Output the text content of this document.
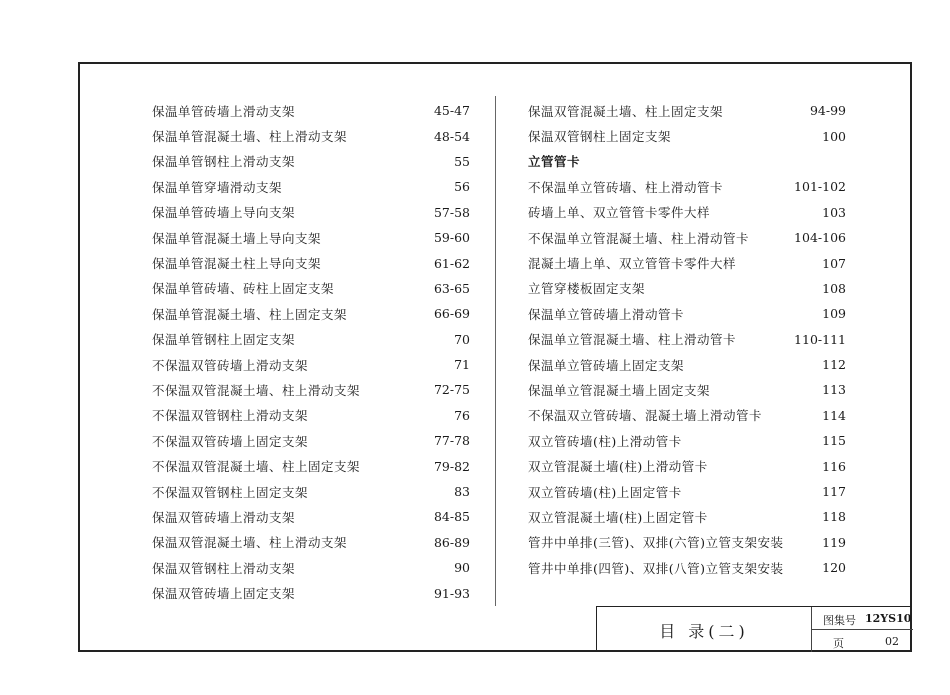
保温单管砖墙上滑动支架	45-47
保温单管混凝土墙、柱上滑动支架	48-54
保温单管钢柱上滑动支架	55
保温单管穿墙滑动支架	56
保温单管砖墙上导向支架	57-58
保温单管混凝土墙上导向支架	59-60
保温单管混凝土柱上导向支架	61-62
保温单管砖墙、砖柱上固定支架	63-65
保温单管混凝土墙、柱上固定支架	66-69
保温单管钢柱上固定支架	70
不保温双管砖墙上滑动支架	71
不保温双管混凝土墙、柱上滑动支架	72-75
不保温双管钢柱上滑动支架	76
不保温双管砖墙上固定支架	77-78
不保温双管混凝土墙、柱上固定支架	79-82
不保温双管钢柱上固定支架	83
保温双管砖墙上滑动支架	84-85
保温双管混凝土墙、柱上滑动支架	86-89
保温双管钢柱上滑动支架	90
保温双管砖墙上固定支架	91-93
保温双管混凝土墙、柱上固定支架	94-99
保温双管钢柱上固定支架	100
立管管卡
不保温单立管砖墙、柱上滑动管卡	101-102
砖墙上单、双立管管卡零件大样	103
不保温单立管混凝土墙、柱上滑动管卡	104-106
混凝土墙上单、双立管管卡零件大样	107
立管穿楼板固定支架	108
保温单立管砖墙上滑动管卡	109
保温单立管混凝土墙、柱上滑动管卡	110-111
保温单立管砖墙上固定支架	112
保温单立管混凝土墙上固定支架	113
不保温双立管砖墙、混凝土墙上滑动管卡	114
双立管砖墙(柱)上滑动管卡	115
双立管混凝土墙(柱)上滑动管卡	116
双立管砖墙(柱)上固定管卡	117
双立管混凝土墙(柱)上固定管卡	118
管井中单排(三管)、双排(六管)立管支架安装	119
管井中单排(四管)、双排(八管)立管支架安装	120
目 录(二)
图集号 12YS10
页	02
